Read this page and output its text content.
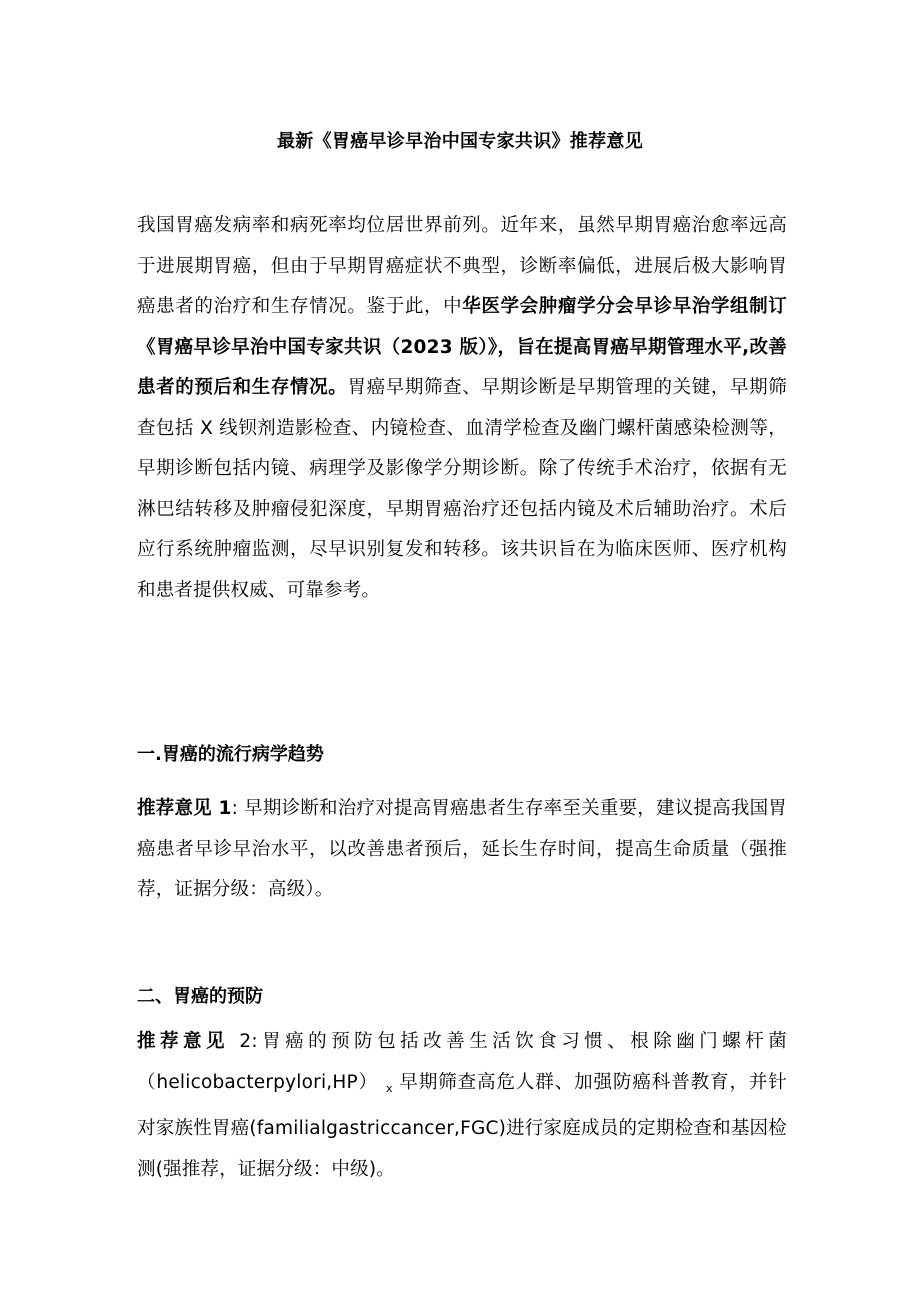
最新《胃癌早诊早治中国专家共识》推荐意见
我国胃癌发病率和病死率均位居世界前列。近年来，虽然早期胃癌治愈率远高于进展期胃癌，但由于早期胃癌症状不典型，诊断率偏低，进展后极大影响胃癌患者的治疗和生存情况。鉴于此，中华医学会肿瘤学分会早诊早治学组制订《胃癌早诊早治中国专家共识（2023 版）》，旨在提高胃癌早期管理水平,改善患者的预后和生存情况。胃癌早期筛查、早期诊断是早期管理的关键，早期筛查包括 X 线钡剂造影检查、内镜检查、血清学检查及幽门螺杆菌感染检测等，早期诊断包括内镜、病理学及影像学分期诊断。除了传统手术治疗，依据有无淋巴结转移及肿瘤侵犯深度，早期胃癌治疗还包括内镜及术后辅助治疗。术后应行系统肿瘤监测，尽早识别复发和转移。该共识旨在为临床医师、医疗机构和患者提供权威、可靠参考。
一.胃癌的流行病学趋势
推荐意见 1: 早期诊断和治疗对提高胃癌患者生存率至关重要，建议提高我国胃癌患者早诊早治水平，以改善患者预后，延长生存时间，提高生命质量（强推荐，证据分级：高级）。
二、胃癌的预防
推荐意见 2:胃癌的预防包括改善生活饮食习惯、根除幽门螺杆菌（helicobacterpylori,HP） $_x$ 早期筛查高危人群、加强防癌科普教育，并针对家族性胃癌(familialgastriccancer,FGC)进行家庭成员的定期检查和基因检测(强推荐，证据分级：中级)。
